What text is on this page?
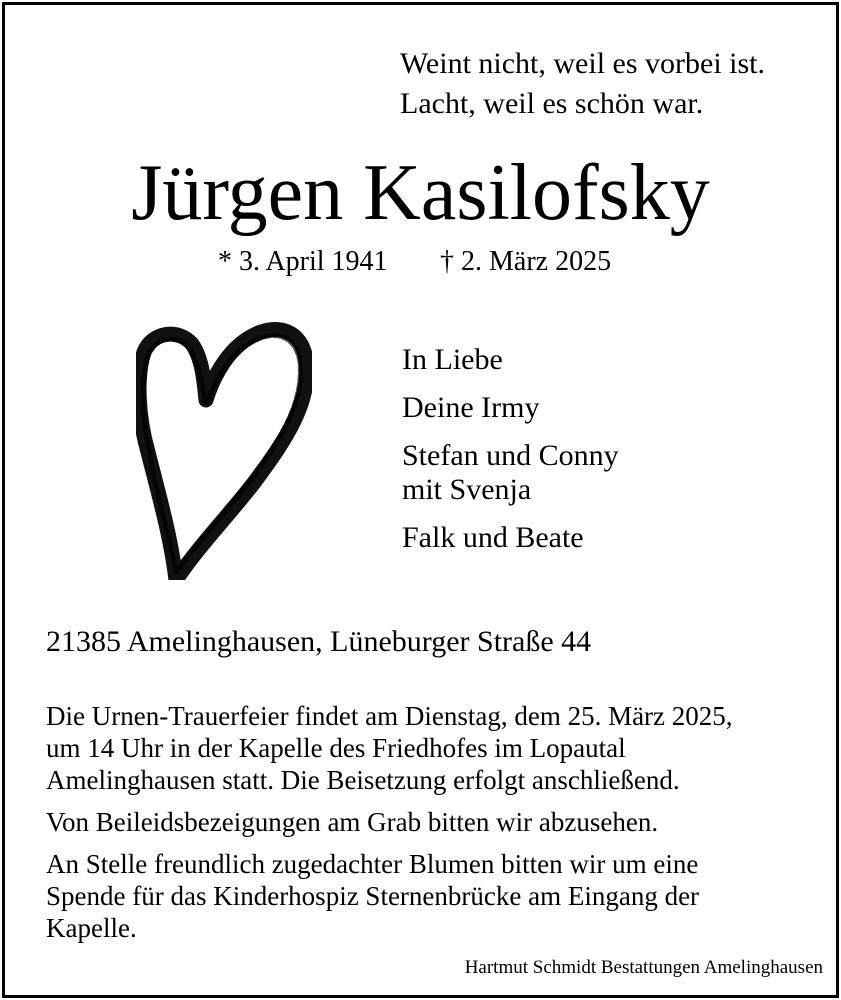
Weint nicht, weil es vorbei ist.
Lacht, weil es schön war.
Jürgen Kasilofsky
* 3. April 1941 † 2. März 2025
In Liebe
Deine Irmy
Stefan und Conny
mit Svenja
Falk und Beate
21385 Amelinghausen, Lüneburger Straße 44

Die Urnen-Trauerfeier findet am Dienstag, dem 25. März 2025,
um 14 Uhr in der Kapelle des Friedhofes im Lopautal
Amelinghausen statt. Die Beisetzung erfolgt anschließend.

Von Beileidsbezeigungen am Grab bitten wir abzusehen.

An Stelle freundlich zugedachter Blumen bitten wir um eine
Spende für das Kinderhospiz Sternenbrücke am Eingang der
Kapelle.

Hartmut Schmidt Bestattungen Amelinghausen
